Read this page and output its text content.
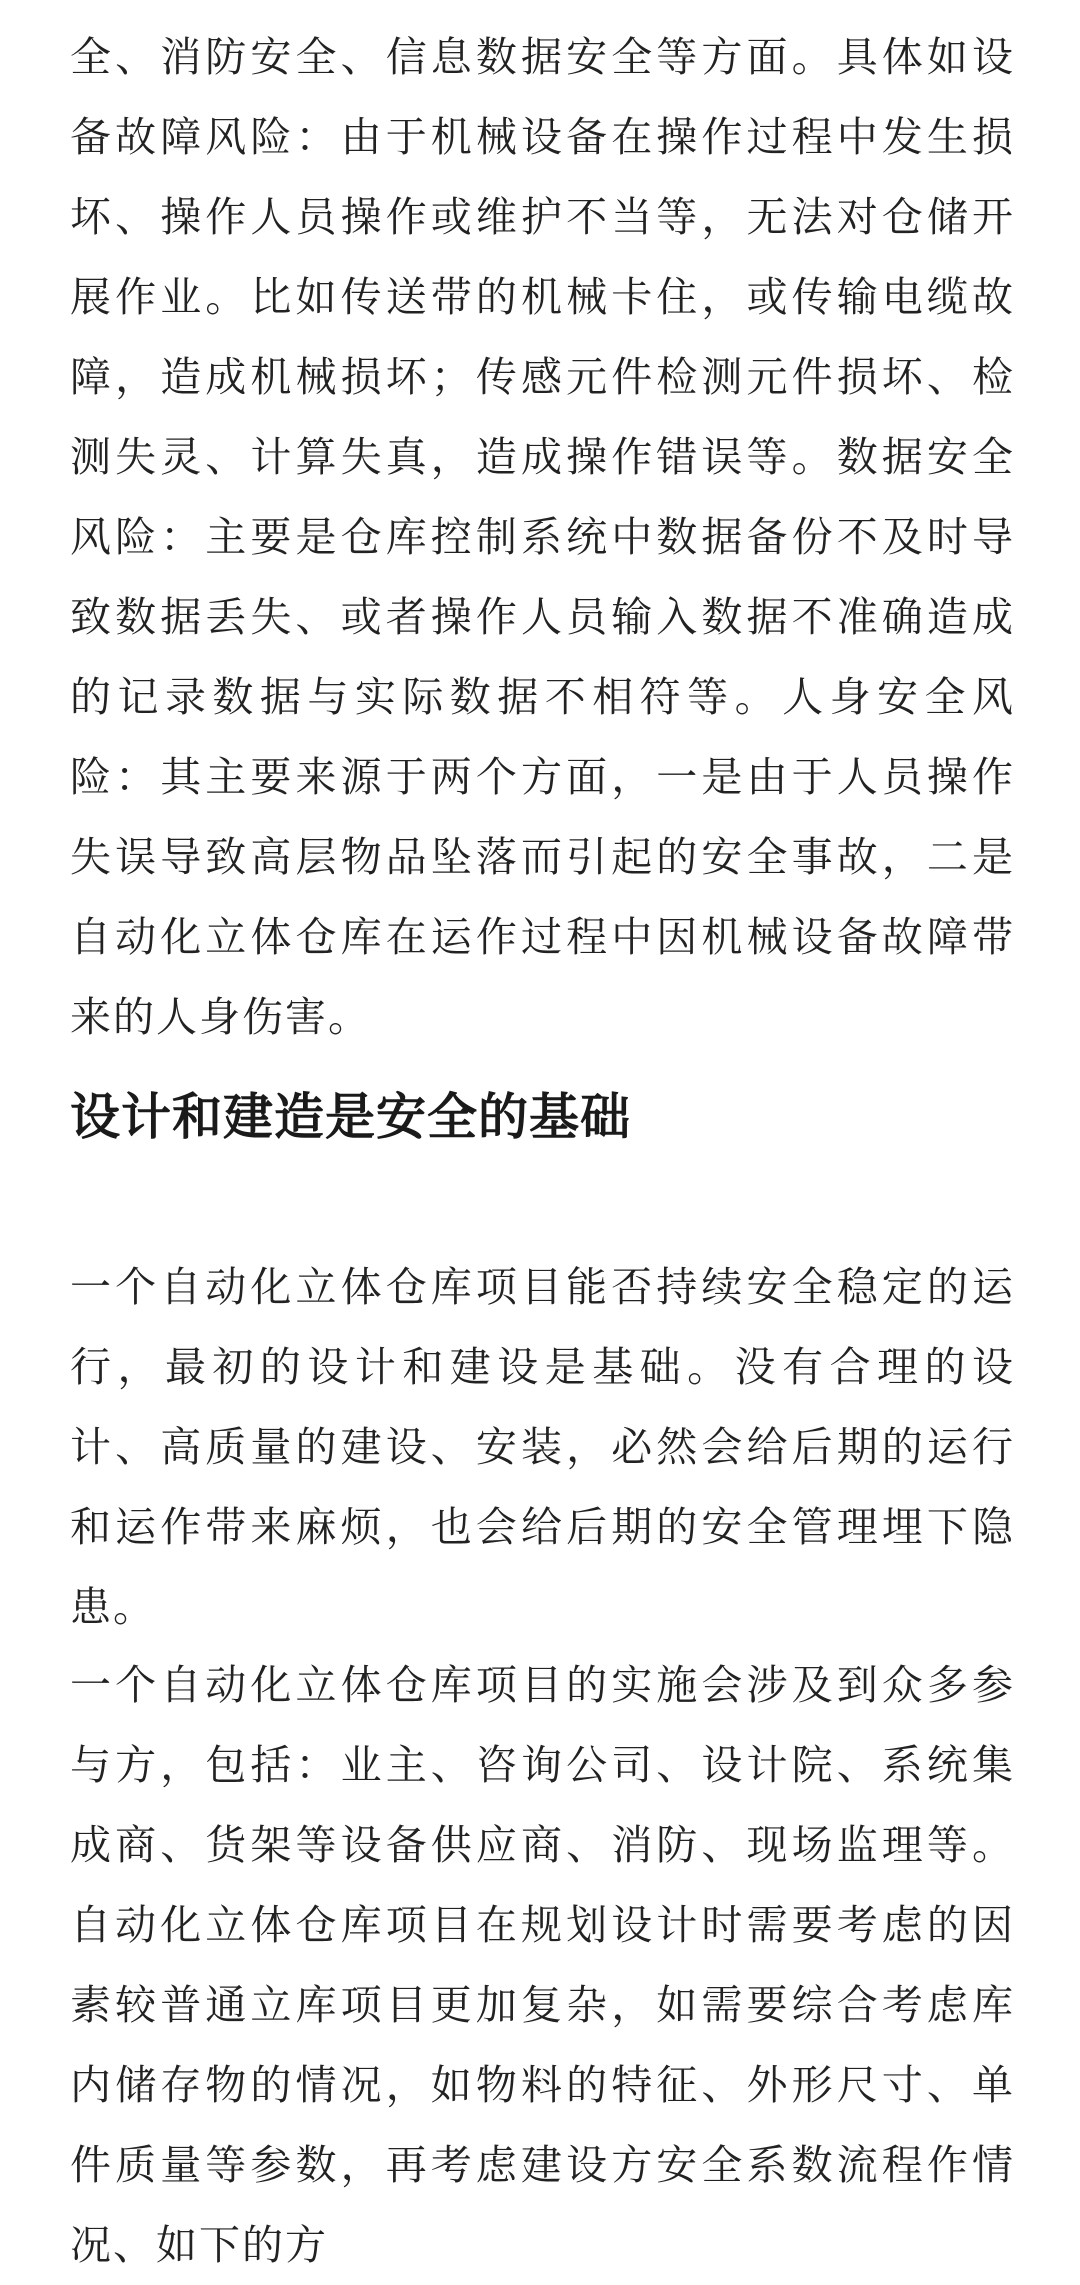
全、消防安全、信息数据安全等方面。具体如设备故障风险：由于机械设备在操作过程中发生损坏、操作人员操作或维护不当等，无法对仓储开展作业。比如传送带的机械卡住，或传输电缆故障，造成机械损坏；传感元件检测元件损坏、检测失灵、计算失真，造成操作错误等。数据安全风险：主要是仓库控制系统中数据备份不及时导致数据丢失、或者操作人员输入数据不准确造成的记录数据与实际数据不相符等。人身安全风险：其主要来源于两个方面，一是由于人员操作失误导致高层物品坠落而引起的安全事故，二是自动化立体仓库在运作过程中因机械设备故障带来的人身伤害。

设计和建造是安全的基础

一个自动化立体仓库项目能否持续安全稳定的运行，最初的设计和建设是基础。没有合理的设计、高质量的建设、安装，必然会给后期的运行和运作带来麻烦，也会给后期的安全管理埋下隐患。

一个自动化立体仓库项目的实施会涉及到众多参与方，包括：业主、咨询公司、设计院、系统集成商、货架等设备供应商、消防、现场监理等。自动化立体仓库项目在规划设计时需要考虑的因素较普通立库项目更加复杂，如需要综合考虑库内储存物的情况，如物料的特征、外形尺寸、单件质量等参数，再考虑建设方安全系数流程作情况、如下的方
